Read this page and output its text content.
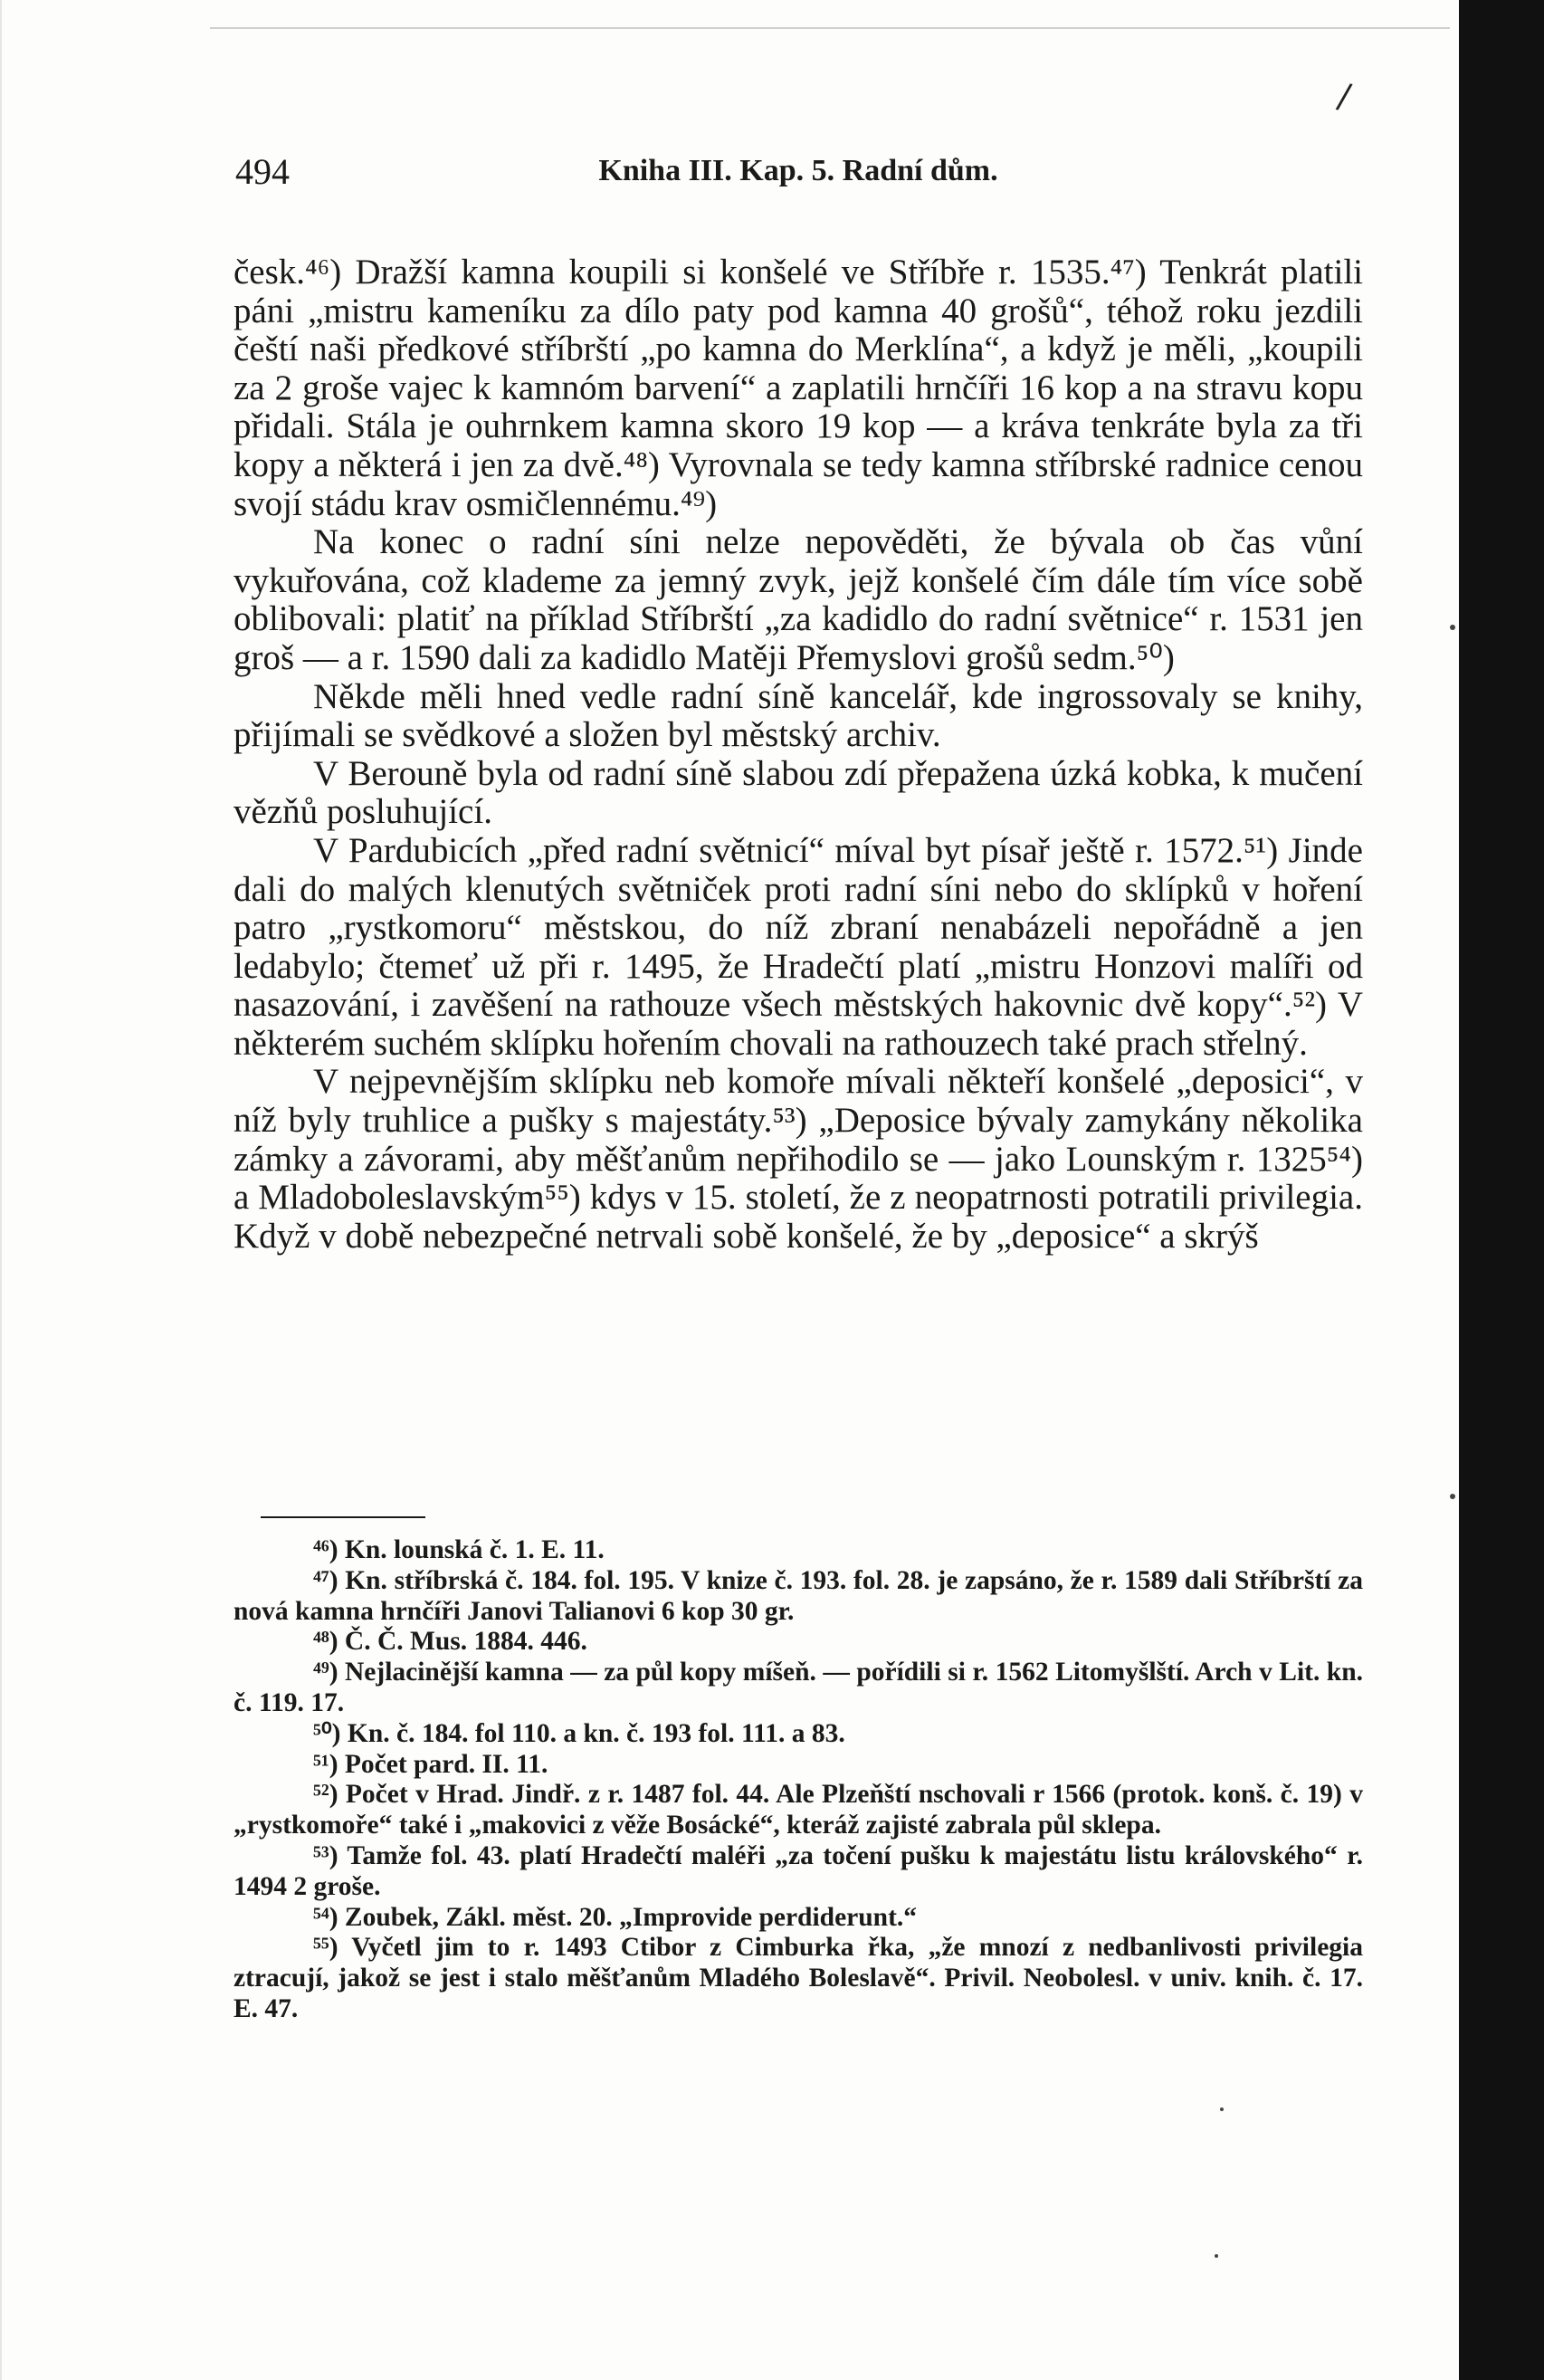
/
494	Kniha III. Kap. 5. Radní dům.

česk.⁴⁶) Dražší kamna koupili si konšelé ve Stříbře r. 1535.⁴⁷) Tenkrát platili páni „mistru kameníku za dílo paty pod kamna 40 grošů“, téhož roku jezdili čeští naši předkové stříbrští „po kamna do Merklína“, a když je měli, „koupili za 2 groše vajec k kamnóm barvení“ a zaplatili hrnčíři 16 kop a na stravu kopu přidali. Stála je ouhrnkem kamna skoro 19 kop — a kráva tenkráte byla za tři kopy a některá i jen za dvě.⁴⁸) Vyrovnala se tedy kamna stříbrské radnice cenou svojí stádu krav osmičlennému.⁴⁹)

Na konec o radní síni nelze nepověděti, že bývala ob čas vůní vykuřována, což klademe za jemný zvyk, jejž konšelé čím dále tím více sobě oblibovali: platiť na příklad Stříbrští „za kadidlo do radní světnice“ r. 1531 jen groš — a r. 1590 dali za kadidlo Matěji Přemyslovi grošů sedm.⁵⁰)

Někde měli hned vedle radní síně kancelář, kde ingrossovaly se knihy, přijímali se svědkové a složen byl městský archiv.

V Berouně byla od radní síně slabou zdí přepažena úzká kobka, k mučení vězňů posluhující.

V Pardubicích „před radní světnicí“ míval byt písař ještě r. 1572.⁵¹) Jinde dali do malých klenutých světniček proti radní síni nebo do sklípků v hoření patro „rystkomoru“ městskou, do níž zbraní nenabázeli nepořádně a jen ledabylo; čtemeť už při r. 1495, že Hradečtí platí „mistru Honzovi malíři od nasazování, i zavěšení na rathouze všech městských hakovnic dvě kopy“.⁵²) V některém suchém sklípku hořením chovali na rathouzech také prach střelný.

V nejpevnějším sklípku neb komoře mívali někteří konšelé „deposici“, v níž byly truhlice a pušky s majestáty.⁵³) „Deposice bývaly zamykány několika zámky a závorami, aby měšťanům nepřihodilo se — jako Lounským r. 1325⁵⁴) a Mladoboleslavským⁵⁵) kdys v 15. století, že z neopatrnosti potratili privilegia. Když v době nebezpečné netrvali sobě konšelé, že by „deposice“ a skrýš

⁴⁶) Kn. lounská č. 1. E. 11.

⁴⁷) Kn. stříbrská č. 184. fol. 195. V knize č. 193. fol. 28. je zapsáno, že r. 1589 dali Stříbrští za nová kamna hrnčíři Janovi Talianovi 6 kop 30 gr.

⁴⁸) Č. Č. Mus. 1884. 446.

⁴⁹) Nejlacinější kamna — za půl kopy míšeň. — pořídili si r. 1562 Litomyšlští. Arch v Lit. kn. č. 119. 17.

⁵⁰) Kn. č. 184. fol 110. a kn. č. 193 fol. 111. a 83.

⁵¹) Počet pard. II. 11.

⁵²) Počet v Hrad. Jindř. z r. 1487 fol. 44. Ale Plzeňští nschovali r 1566 (protok. konš. č. 19) v „rystkomoře“ také i „makovici z věže Bosácké“, kteráž zajisté zabrala půl sklepa.

⁵³) Tamže fol. 43. platí Hradečtí maléři „za točení pušku k majestátu listu královského“ r. 1494 2 groše.

⁵⁴) Zoubek, Zákl. měst. 20. „Improvide perdiderunt.“

⁵⁵) Vyčetl jim to r. 1493 Ctibor z Cimburka řka, „že mnozí z nedbanlivosti privilegia ztracují, jakož se jest i stalo měšťanům Mladého Boleslavě“. Privil. Neobolesl. v univ. knih. č. 17. E. 47.
